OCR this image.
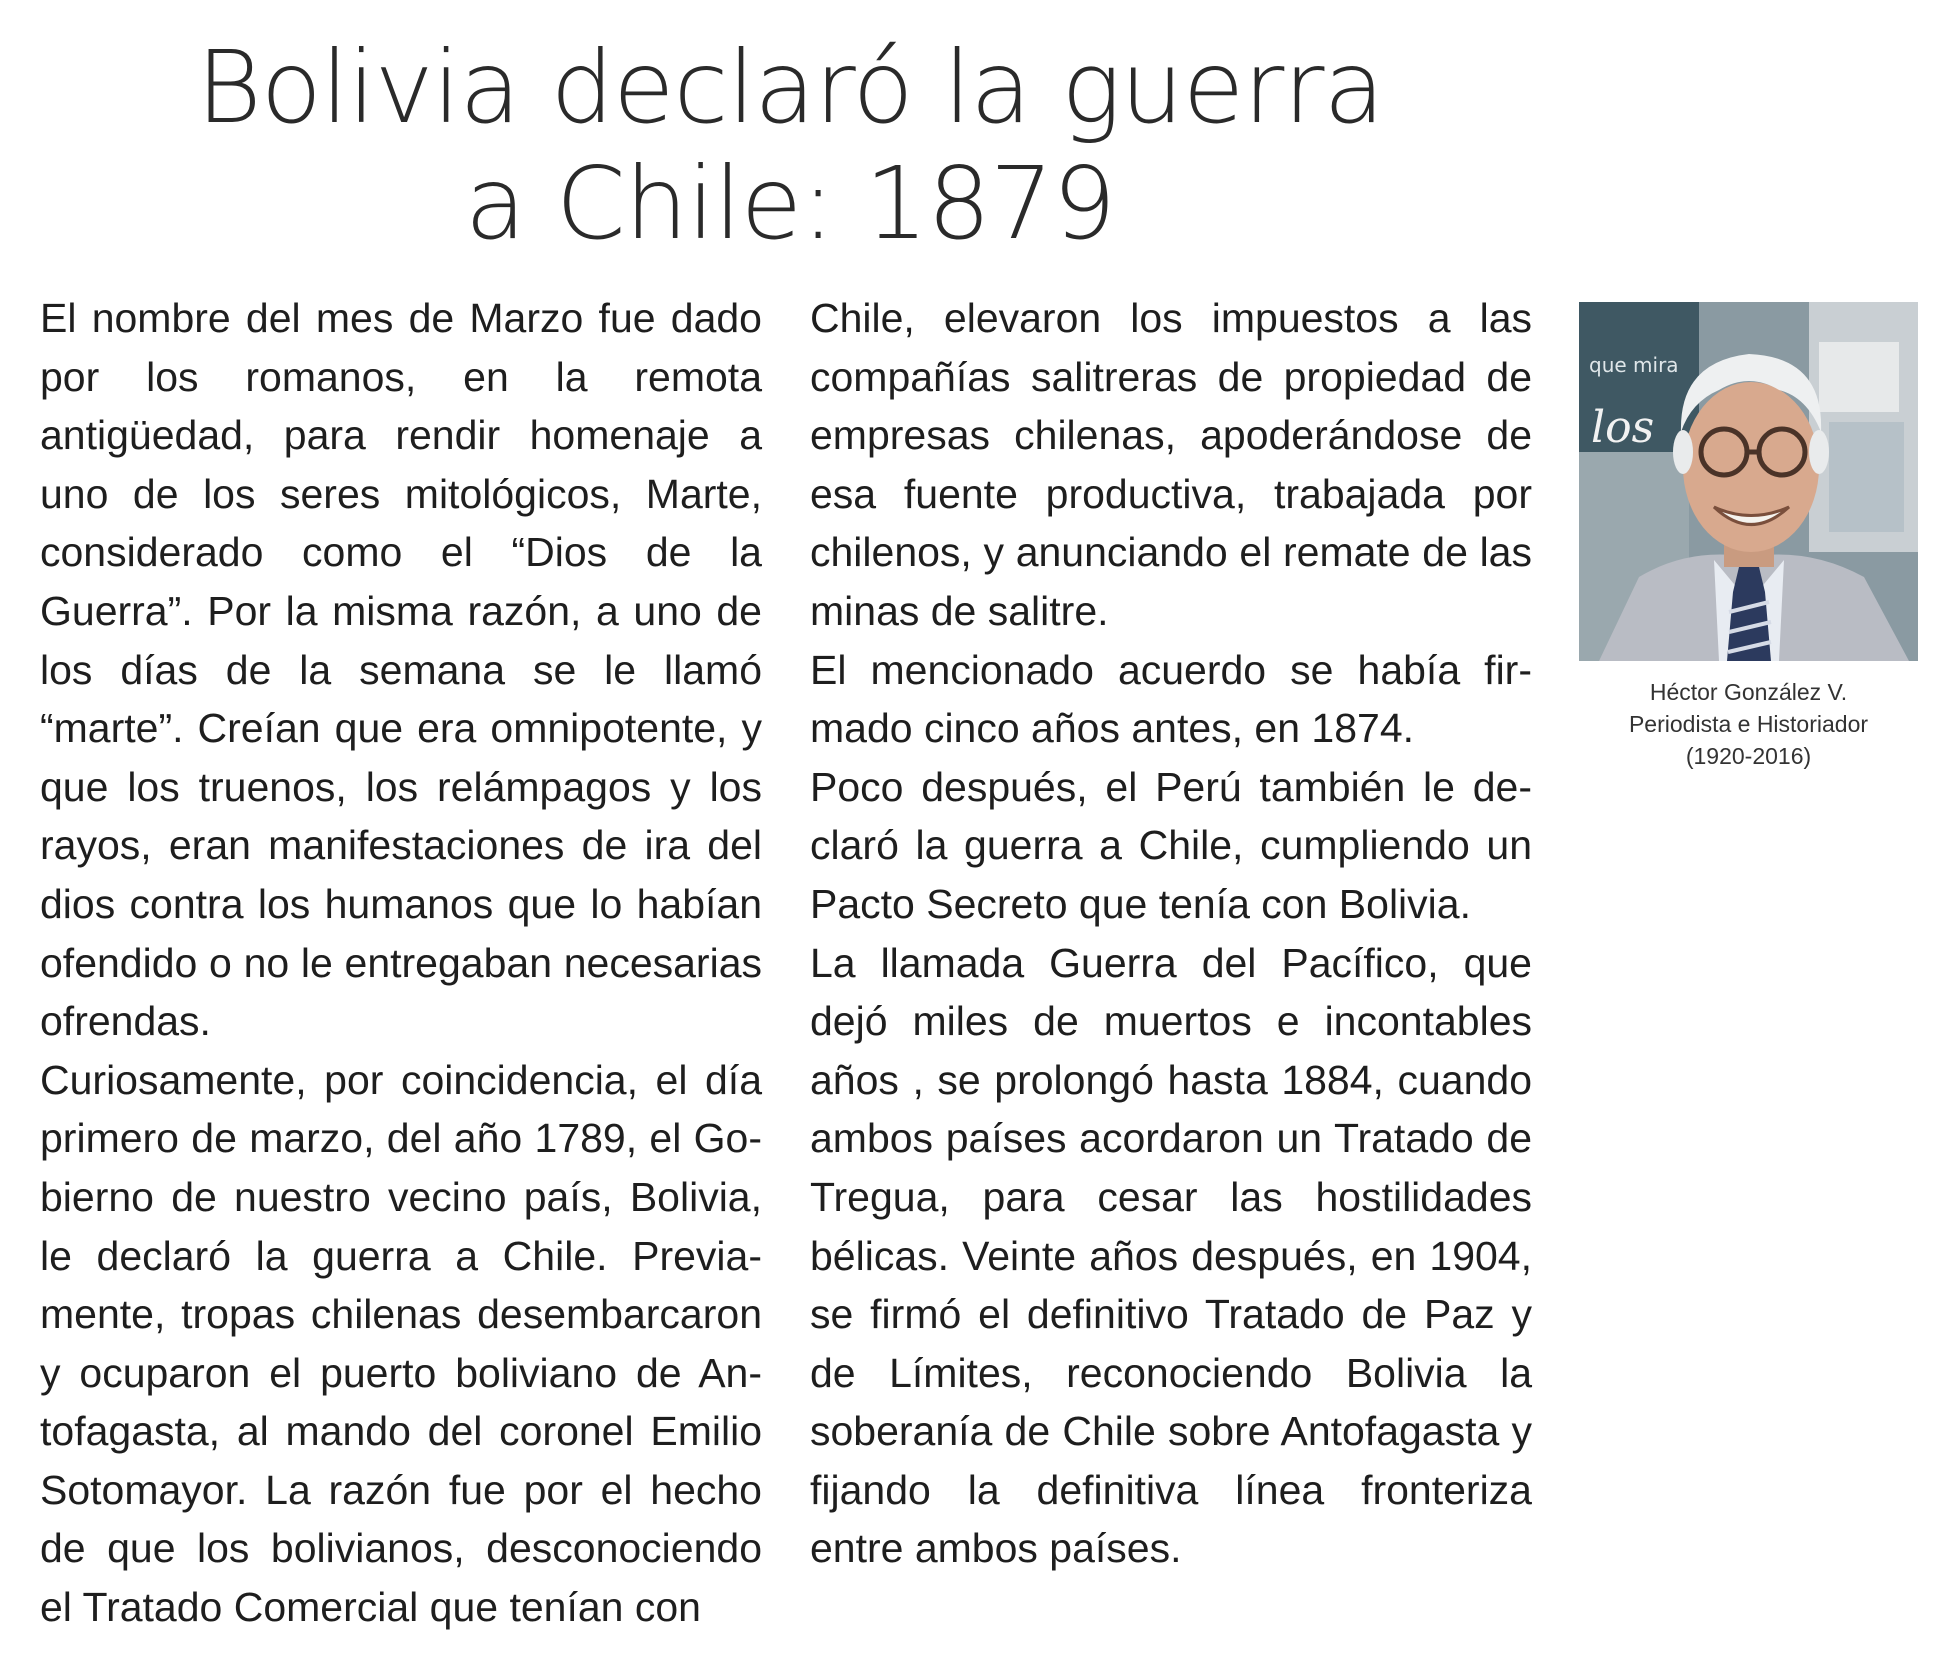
Bolivia declaró la guerra
a Chile: 1879

El nombre del mes de Marzo fue dado por los romanos, en la remota antigüedad, para rendir homenaje a uno de los seres mitológicos, Marte, considerado como el “Dios de la Guerra”. Por la misma razón, a uno de los días de la semana se le llamó “marte”. Creían que era omnipotente, y que los truenos, los relámpagos y los rayos, eran manifestaciones de ira del dios contra los humanos que lo habían ofendido o no le entregaban necesarias ofrendas.

Curiosamente, por coincidencia, el día primero de marzo, del año 1789, el Go-bierno de nuestro vecino país, Bolivia, le declaró la guerra a Chile. Previa-mente, tropas chilenas desembarcaron y ocuparon el puerto boliviano de An-tofagasta, al mando del coronel Emilio Sotomayor. La razón fue por el hecho de que los bolivianos, desconociendo el Tratado Comercial que tenían con

Chile, elevaron los impuestos a las compañías salitreras de propiedad de empresas chilenas, apoderándose de esa fuente productiva, trabajada por chilenos, y anunciando el remate de las minas de salitre.

El mencionado acuerdo se había fir-mado cinco años antes, en 1874.

Poco después, el Perú también le de-claró la guerra a Chile, cumpliendo un Pacto Secreto que tenía con Bolivia.

La llamada Guerra del Pacífico, que dejó miles de muertos e incontables años , se prolongó hasta 1884, cuando ambos países acordaron un Tratado de Tregua, para cesar las hostilidades bélicas. Veinte años después, en 1904, se firmó el definitivo Tratado de Paz y de Límites, reconociendo Bolivia la soberanía de Chile sobre Antofagasta y fijando la definitiva línea fronteriza entre ambos países.

que mira
los
Héctor González V.
Periodista e Historiador
(1920-2016)
